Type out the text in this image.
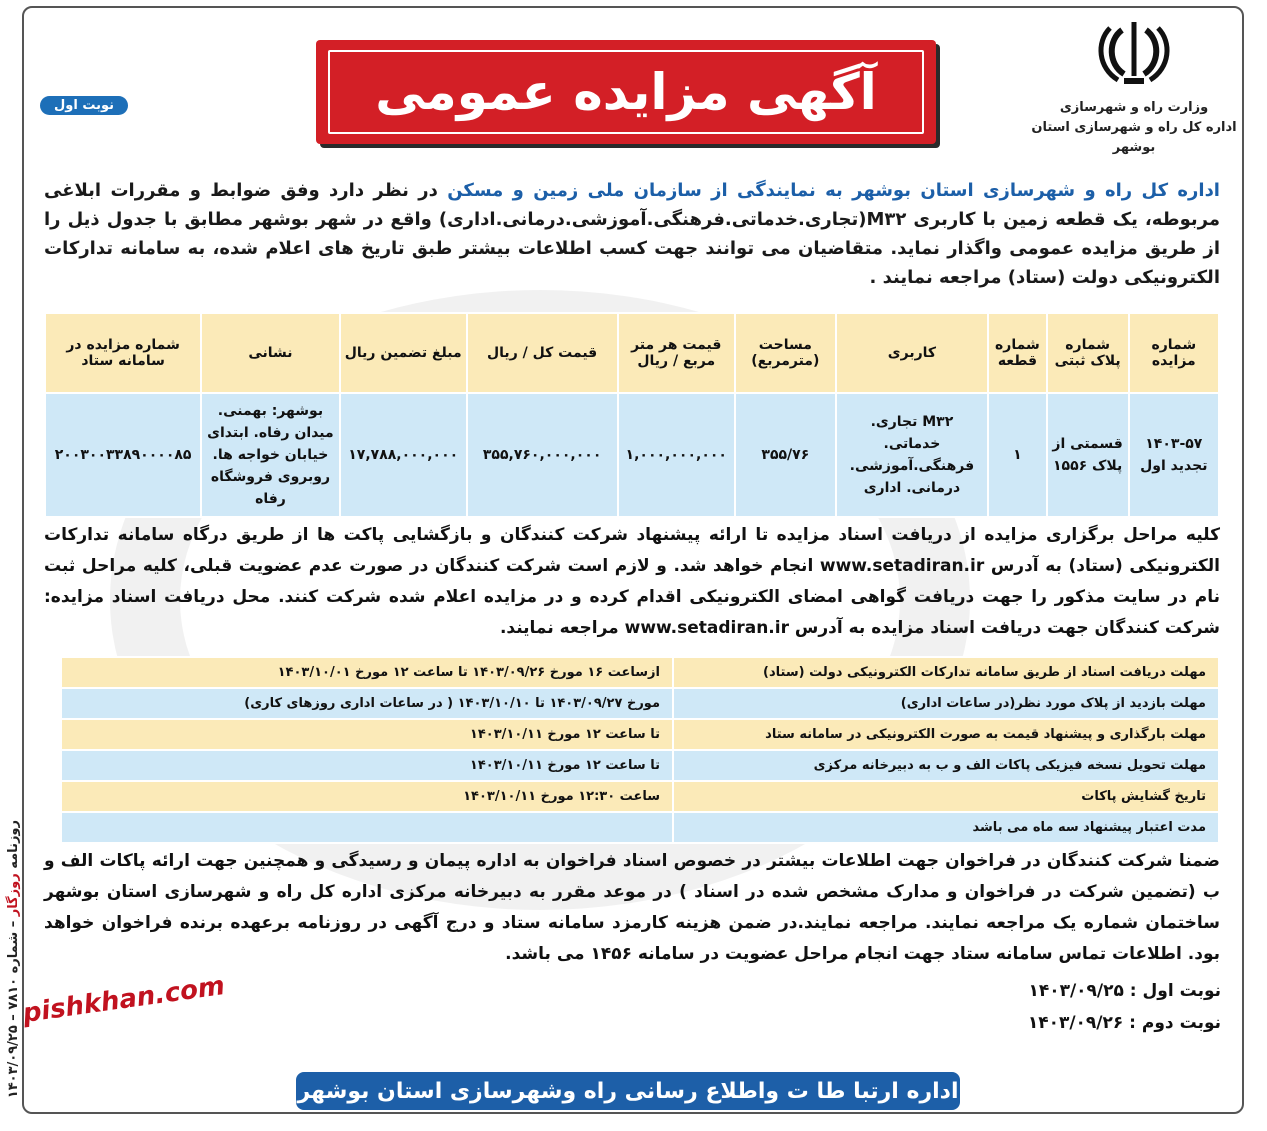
وزارت راه و شهرسازی
اداره کل راه و شهرسازی استان بوشهر
آگهی مزایده عمومی
نوبت اول
اداره کل راه و شهرسازی استان بوشهر به نمایندگی از سازمان ملی زمین و مسکن در نظر دارد وفق ضوابط و مقررات ابلاغی مربوطه، یک قطعه زمین با کاربری M۳۲(تجاری.خدماتی.فرهنگی.آموزشی.درمانی.اداری) واقع در شهر بوشهر مطابق با جدول ذیل را از طریق مزایده عمومی واگذار نماید. متقاضیان می توانند جهت کسب اطلاعات بیشتر طبق تاریخ های اعلام شده، به سامانه تدارکات الکترونیکی دولت (ستاد) مراجعه نمایند .
شماره مزایده	شماره پلاک ثبتی	شماره قطعه	کاربری	مساحت (مترمربع)	قیمت هر متر مربع / ریال	قیمت کل / ریال	مبلغ تضمین ریال	نشانی	شماره مزایده در سامانه ستاد
۱۴۰۳-۵۷ تجدید اول	قسمتی از پلاک ۱۵۵۶	۱	M۳۲ تجاری. خدماتی. فرهنگی.آموزشی. درمانی. اداری	۳۵۵/۷۶	۱,۰۰۰,۰۰۰,۰۰۰	۳۵۵,۷۶۰,۰۰۰,۰۰۰	۱۷,۷۸۸,۰۰۰,۰۰۰	بوشهر: بهمنی. میدان رفاه. ابتدای خیابان خواجه ها. روبروی فروشگاه رفاه	۲۰۰۳۰۰۳۳۸۹۰۰۰۰۸۵
کلیه مراحل برگزاری مزایده از دریافت اسناد مزایده تا ارائه پیشنهاد شرکت کنندگان و بازگشایی پاکت ها از طریق درگاه سامانه تدارکات الکترونیکی (ستاد) به آدرس www.setadiran.ir انجام خواهد شد. و لازم است شرکت کنندگان در صورت عدم عضویت قبلی، کلیه مراحل ثبت نام در سایت مذکور را جهت دریافت گواهی امضای الکترونیکی اقدام کرده و در مزایده اعلام شده شرکت کنند. محل دریافت اسناد مزایده: شرکت کنندگان جهت دریافت اسناد مزایده به آدرس www.setadiran.ir مراجعه نمایند.
مهلت دریافت اسناد از طریق سامانه تدارکات الکترونیکی دولت (ستاد)	ازساعت ۱۶ مورخ ۱۴۰۳/۰۹/۲۶ تا ساعت ۱۲ مورخ ۱۴۰۳/۱۰/۰۱
مهلت بازدید از پلاک مورد نظر(در ساعات اداری)	مورخ ۱۴۰۳/۰۹/۲۷ تا ۱۴۰۳/۱۰/۱۰ ( در ساعات اداری روزهای کاری)
مهلت بارگذاری و پیشنهاد قیمت به صورت الکترونیکی در سامانه ستاد	تا ساعت ۱۲ مورخ ۱۴۰۳/۱۰/۱۱
مهلت تحویل نسخه فیزیکی پاکات الف و ب به دبیرخانه مرکزی	تا ساعت ۱۲ مورخ ۱۴۰۳/۱۰/۱۱
تاریخ گشایش پاکات	ساعت ۱۲:۳۰ مورخ ۱۴۰۳/۱۰/۱۱
مدت اعتبار پیشنهاد سه ماه می باشد	
ضمنا شرکت کنندگان در فراخوان جهت اطلاعات بیشتر در خصوص اسناد فراخوان به اداره پیمان و رسیدگی و همچنین جهت ارائه پاکات الف و ب (تضمین شرکت در فراخوان و مدارک مشخص شده در اسناد ) در موعد مقرر به دبیرخانه مرکزی اداره کل راه و شهرسازی استان بوشهر ساختمان شماره یک مراجعه نمایند. مراجعه نمایند.در ضمن هزینه کارمزد سامانه ستاد و درج آگهی در روزنامه برعهده برنده فراخوان خواهد بود. اطلاعات تماس سامانه ستاد جهت انجام مراحل عضویت در سامانه ۱۴۵۶ می باشد.
نوبت اول : ۱۴۰۳/۰۹/۲۵
نوبت دوم : ۱۴۰۳/۰۹/۲۶
اداره ارتبا طا ت واطلاع رسانی راه وشهرسازی استان بوشهر
روزنامه روزگار – شماره ۷۸۱۰ – ۱۴۰۳/۰۹/۲۵
pishkhan.com
